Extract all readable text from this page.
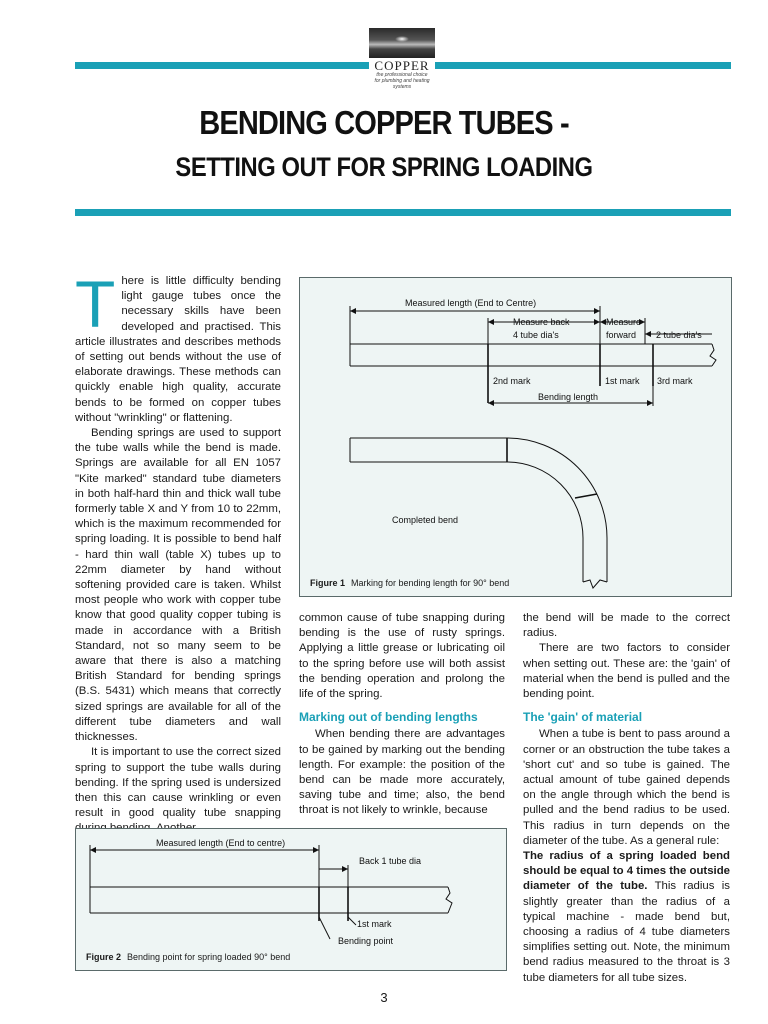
COPPER
the professional choice for plumbing and heating systems
BENDING COPPER TUBES -
SETTING OUT FOR SPRING LOADING
T here is little difficulty bending light gauge tubes once the necessary skills have been developed and practised. This article illustrates and describes methods of setting out bends without the use of elaborate drawings. These methods can quickly enable high quality, accurate bends to be formed on copper tubes without "wrinkling" or flattening.

Bending springs are used to support the tube walls while the bend is made. Springs are available for all EN 1057 "Kite marked" standard tube diameters in both half-hard thin and thick wall tube formerly table X and Y from 10 to 22mm, which is the maximum recommended for spring loading. It is possible to bend half - hard thin wall (table X) tubes up to 22mm diameter by hand without softening provided care is taken. Whilst most people who work with copper tube know that good quality copper tubing is made in accordance with a British Standard, not so many seem to be aware that there is also a matching British Standard for bending springs (B.S. 5431) which means that correctly sized springs are available for all of the different tube diameters and wall thicknesses.

It is important to use the correct sized spring to support the tube walls during bending. If the spring used is undersized then this can cause wrinkling or even result in good quality tube snapping

Measured length (End to Centre)
Measure back
4 tube dia's
Measure
forward 2 tube dia's
2nd mark	1st mark 3rd mark
Bending length
Completed bend
Figure 1 Marking for bending length for 90° bend

common cause of tube snapping during bending is the use of rusty springs. Applying a little grease or lubricating oil to the spring before use will both assist the bending operation and prolong the life of the spring.

Marking out of bending lengths

When bending there are advantages to be gained by marking out the bending length. For example: the position of the bend can be made more accurately, saving tube and time; also, the bend throat is not likely to wrinkle, because

the bend will be made to the correct radius.

There are two factors to consider when setting out. These are: the 'gain' of material when the bend is pulled and the bending point.

The 'gain' of material

When a tube is bent to pass around a corner or an obstruction the tube takes a 'short cut' and so tube is gained. The actual amount of tube gained depends on the angle through which the bend is pulled and the bend radius to be used. This radius in turn depends on the diameter of the tube. As a general rule:

The radius of a spring loaded bend should be equal to 4 times the outside diameter of the tube. This radius is slightly greater than the radius of a typical machine - made bend but, choosing a radius of 4 tube diameters simplifies setting out. Note, the minimum bend radius measured to the throat is 3 tube diameters for all tube sizes.

Measured length (End to centre)
Back 1 tube dia
1st mark
Bending point
Figure 2 Bending point for spring loaded 90° bend
3
